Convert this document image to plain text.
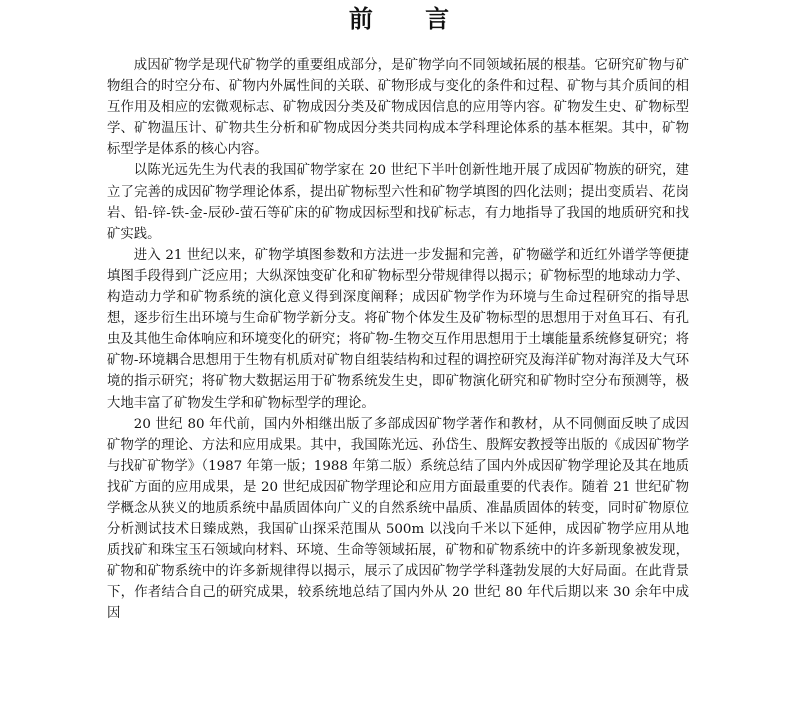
前 言

成因矿物学是现代矿物学的重要组成部分，是矿物学向不同领域拓展的根基。它研究矿物与矿物组合的时空分布、矿物内外属性间的关联、矿物形成与变化的条件和过程、矿物与其介质间的相互作用及相应的宏微观标志、矿物成因分类及矿物成因信息的应用等内容。矿物发生史、矿物标型学、矿物温压计、矿物共生分析和矿物成因分类共同构成本学科理论体系的基本框架。其中，矿物标型学是体系的核心内容。

以陈光远先生为代表的我国矿物学家在 20 世纪下半叶创新性地开展了成因矿物族的研究，建立了完善的成因矿物学理论体系，提出矿物标型六性和矿物学填图的四化法则；提出变质岩、花岗岩、铅-锌-铁-金-辰砂-萤石等矿床的矿物成因标型和找矿标志，有力地指导了我国的地质研究和找矿实践。

进入 21 世纪以来，矿物学填图参数和方法进一步发掘和完善，矿物磁学和近红外谱学等便捷填图手段得到广泛应用；大纵深蚀变矿化和矿物标型分带规律得以揭示；矿物标型的地球动力学、构造动力学和矿物系统的演化意义得到深度阐释；成因矿物学作为环境与生命过程研究的指导思想，逐步衍生出环境与生命矿物学新分支。将矿物个体发生及矿物标型的思想用于对鱼耳石、有孔虫及其他生命体响应和环境变化的研究；将矿物-生物交互作用思想用于土壤能量系统修复研究；将矿物-环境耦合思想用于生物有机质对矿物自组装结构和过程的调控研究及海洋矿物对海洋及大气环境的指示研究；将矿物大数据运用于矿物系统发生史，即矿物演化研究和矿物时空分布预测等，极大地丰富了矿物发生学和矿物标型学的理论。

20 世纪 80 年代前，国内外相继出版了多部成因矿物学著作和教材，从不同侧面反映了成因矿物学的理论、方法和应用成果。其中，我国陈光远、孙岱生、殷辉安教授等出版的《成因矿物学与找矿矿物学》（1987 年第一版；1988 年第二版）系统总结了国内外成因矿物学理论及其在地质找矿方面的应用成果，是 20 世纪成因矿物学理论和应用方面最重要的代表作。随着 21 世纪矿物学概念从狭义的地质系统中晶质固体向广义的自然系统中晶质、准晶质固体的转变，同时矿物原位分析测试技术日臻成熟，我国矿山探采范围从 500m 以浅向千米以下延伸，成因矿物学应用从地质找矿和珠宝玉石领域向材料、环境、生命等领域拓展，矿物和矿物系统中的许多新现象被发现，矿物和矿物系统中的许多新规律得以揭示，展示了成因矿物学学科蓬勃发展的大好局面。在此背景下，作者结合自己的研究成果，较系统地总结了国内外从 20 世纪 80 年代后期以来 30 余年中成因
